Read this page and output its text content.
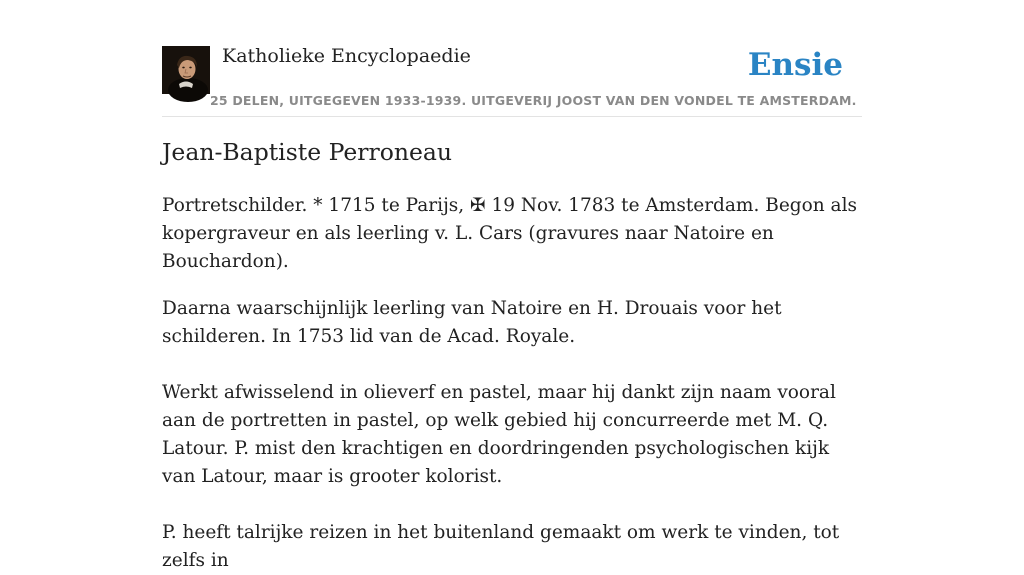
Katholieke Encyclopaedie
25 DELEN, UITGEGEVEN 1933-1939. UITGEVERIJ JOOST VAN DEN VONDEL TE AMSTERDAM.
Ensie
Jean-Baptiste Perroneau

Portretschilder. * 1715 te Parijs, ✠ 19 Nov. 1783 te Amsterdam. Begon als kopergraveur en als leerling v. L. Cars (gravures naar Natoire en Bouchardon).

Daarna waarschijnlijk leerling van Natoire en H. Drouais voor het schilderen. In 1753 lid van de Acad. Royale.

Werkt afwisselend in olieverf en pastel, maar hij dankt zijn naam vooral aan de portretten in pastel, op welk gebied hij concurreerde met M. Q. Latour. P. mist den krachtigen en doordringenden psychologischen kijk van Latour, maar is grooter kolorist.

P. heeft talrijke reizen in het buitenland gemaakt om werk te vinden, tot zelfs in
